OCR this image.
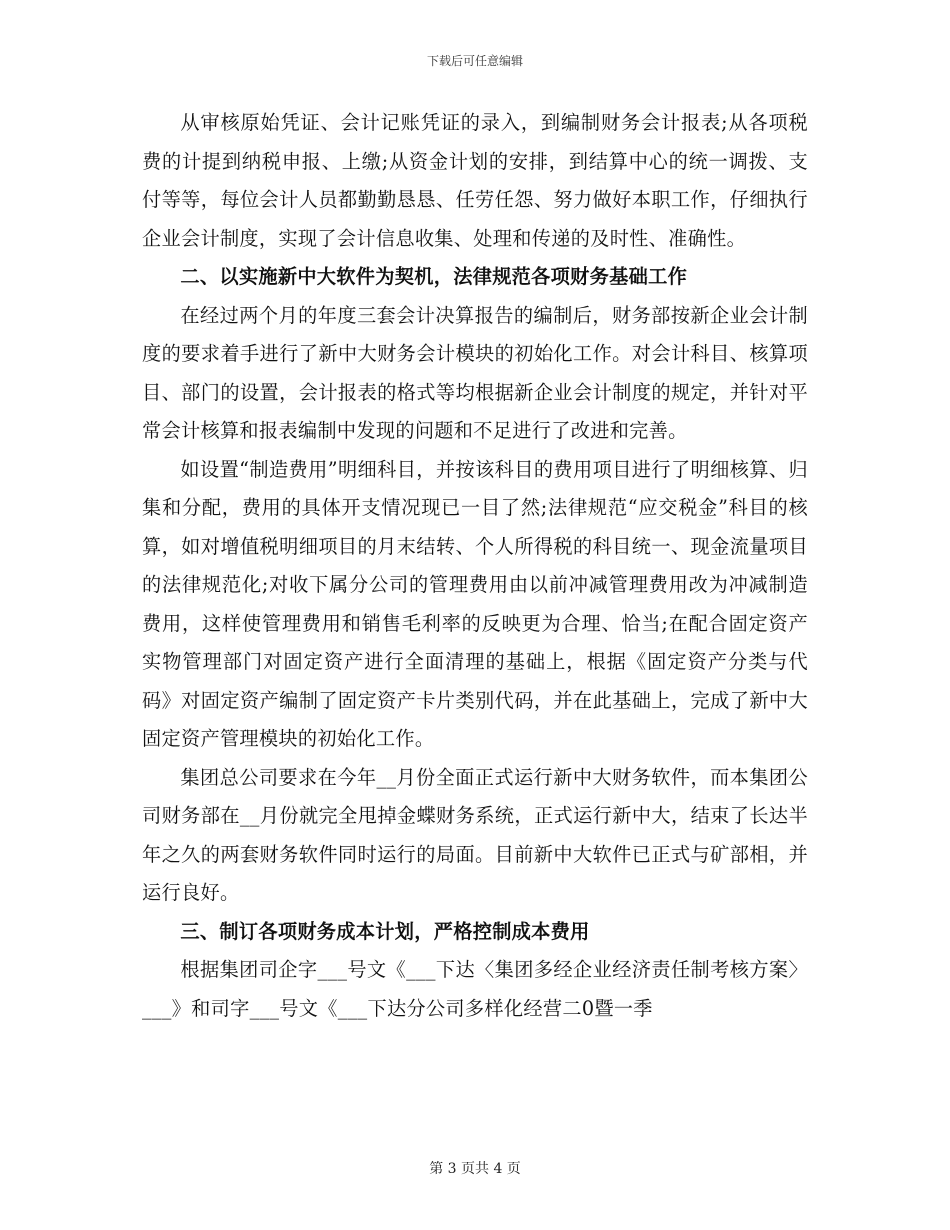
下载后可任意编辑

从审核原始凭证、会计记账凭证的录入，到编制财务会计报表;从各项税费的计提到纳税申报、上缴;从资金计划的安排，到结算中心的统一调拨、支付等等，每位会计人员都勤勤恳恳、任劳任怨、努力做好本职工作，仔细执行企业会计制度，实现了会计信息收集、处理和传递的及时性、准确性。

二、以实施新中大软件为契机，法律规范各项财务基础工作

在经过两个月的年度三套会计决算报告的编制后，财务部按新企业会计制度的要求着手进行了新中大财务会计模块的初始化工作。对会计科目、核算项目、部门的设置，会计报表的格式等均根据新企业会计制度的规定，并针对平常会计核算和报表编制中发现的问题和不足进行了改进和完善。

如设置“制造费用”明细科目，并按该科目的费用项目进行了明细核算、归集和分配，费用的具体开支情况现已一目了然;法律规范“应交税金”科目的核算，如对增值税明细项目的月末结转、个人所得税的科目统一、现金流量项目的法律规范化;对收下属分公司的管理费用由以前冲减管理费用改为冲减制造费用，这样使管理费用和销售毛利率的反映更为合理、恰当;在配合固定资产实物管理部门对固定资产进行全面清理的基础上，根据《固定资产分类与代码》对固定资产编制了固定资产卡片类别代码，并在此基础上，完成了新中大固定资产管理模块的初始化工作。

集团总公司要求在今年__月份全面正式运行新中大财务软件，而本集团公司财务部在__月份就完全甩掉金蝶财务系统，正式运行新中大，结束了长达半年之久的两套财务软件同时运行的局面。目前新中大软件已正式与矿部相，并运行良好。

三、制订各项财务成本计划，严格控制成本费用

根据集团司企字___号文《___下达〈集团多经企业经济责任制考核方案〉___》和司字___号文《___下达分公司多样化经营二0暨一季

第 3 页共 4 页
